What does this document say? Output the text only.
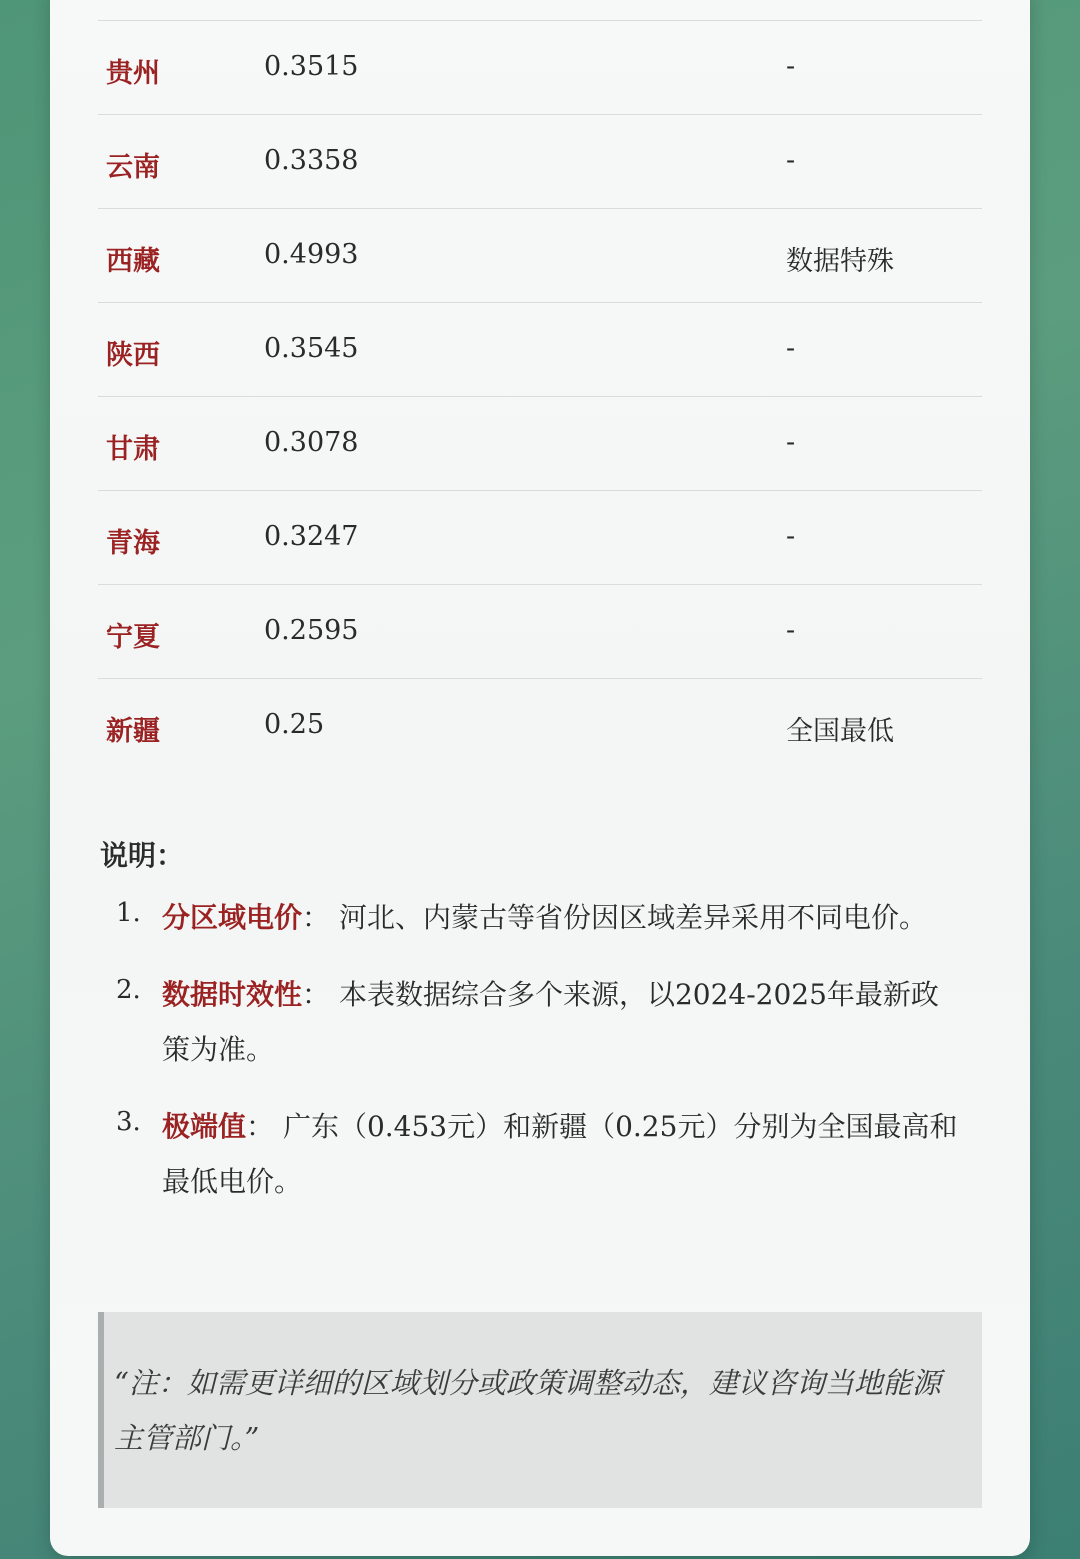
贵州	0.3515	-
云南	0.3358	-
西藏	0.4993	数据特殊
陕西	0.3545	-
甘肃	0.3078	-
青海	0.3247	-
宁夏	0.2595	-
新疆	0.25	全国最低
说明：
1. 分区域电价： 河北、内蒙古等省份因区域差异采用不同电价。
2. 数据时效性： 本表数据综合多个来源，以2024-2025年最新政策为准。
3. 极端值： 广东（0.453元）和新疆（0.25元）分别为全国最高和最低电价。
“注：如需更详细的区域划分或政策调整动态，建议咨询当地能源主管部门。”
